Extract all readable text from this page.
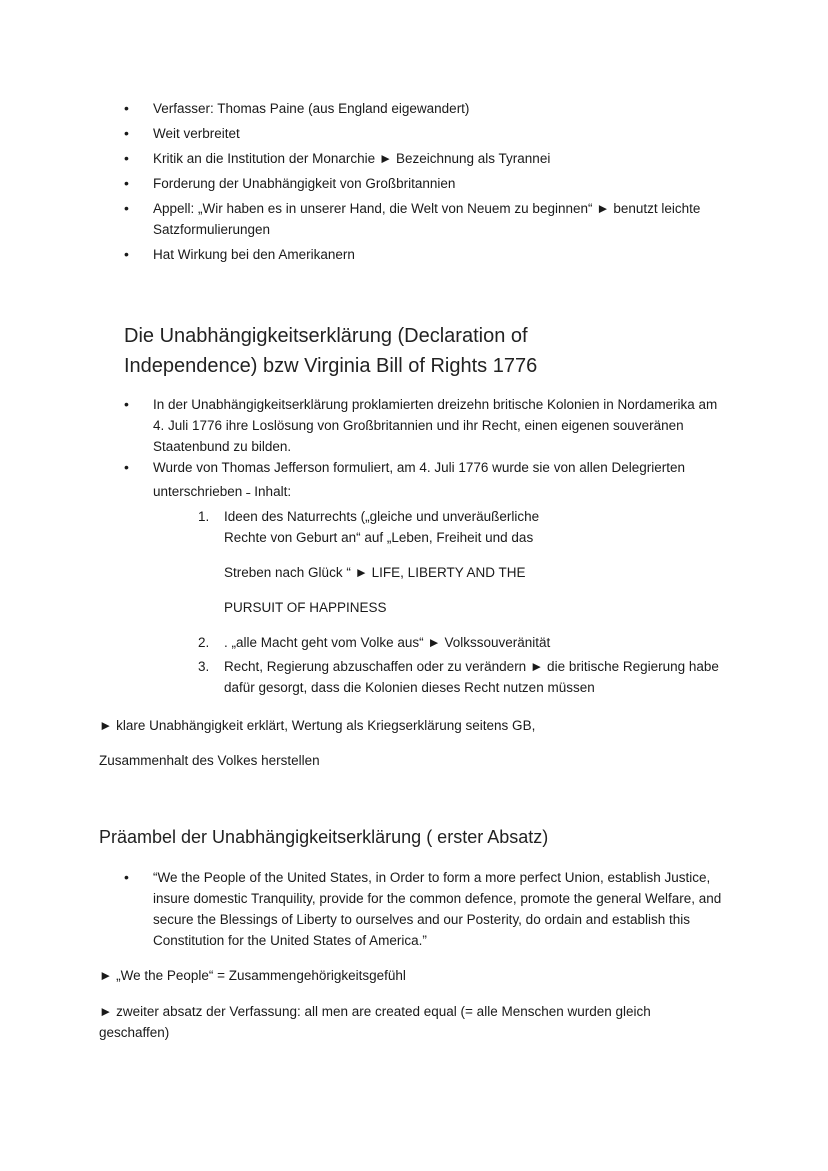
• Verfasser: Thomas Paine (aus England eigewandert)
• Weit verbreitet
• Kritik an die Institution der Monarchie ► Bezeichnung als Tyrannei
• Forderung der Unabhängigkeit von Großbritannien
• Appell: „Wir haben es in unserer Hand, die Welt von Neuem zu beginnen“ ► benutzt leichte Satzformulierungen
• Hat Wirkung bei den Amerikanern
Die Unabhängigkeitserklärung (Declaration of
Independence) bzw Virginia Bill of Rights 1776
• In der Unabhängigkeitserklärung proklamierten dreizehn britische Kolonien in Nordamerika am 4. Juli 1776 ihre Loslösung von Großbritannien und ihr Recht, einen eigenen souveränen Staatenbund zu bilden.
• Wurde von Thomas Jefferson formuliert, am 4. Juli 1776 wurde sie von allen Delegrierten
unterschrieben ˗ Inhalt:
1. Ideen des Naturrechts („gleiche und unveräußerliche
Rechte von Geburt an“ auf „Leben, Freiheit und das
Streben nach Glück “ ► LIFE, LIBERTY AND THE
PURSUIT OF HAPPINESS
2. . „alle Macht geht vom Volke aus“ ► Volkssouveränität
3. Recht, Regierung abzuschaffen oder zu verändern ► die britische Regierung habe
dafür gesorgt, dass die Kolonien dieses Recht nutzen müssen
► klare Unabhängigkeit erklärt, Wertung als Kriegserklärung seitens GB,
Zusammenhalt des Volkes herstellen
Präambel der Unabhängigkeitserklärung ( erster Absatz)
• “We the People of the United States, in Order to form a more perfect Union, establish Justice, insure domestic Tranquility, provide for the common defence, promote the general Welfare, and secure the Blessings of Liberty to ourselves and our Posterity, do ordain and establish this Constitution for the United States of America.”
► „We the People“ = Zusammengehörigkeitsgefühl
► zweiter absatz der Verfassung: all men are created equal (= alle Menschen wurden gleich
geschaffen)
